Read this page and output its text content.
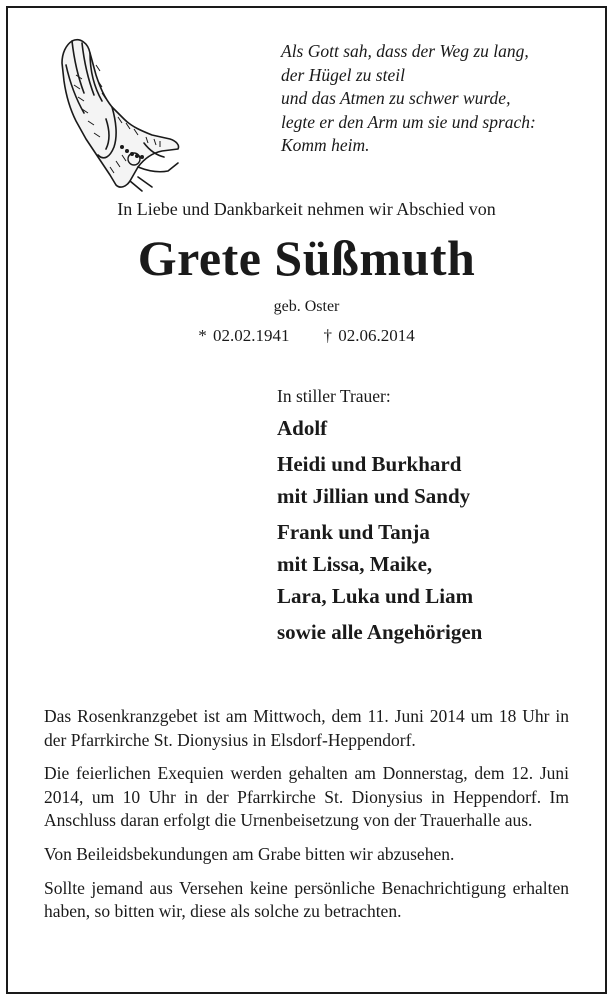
Als Gott sah, dass der Weg zu lang,
der Hügel zu steil
und das Atmen zu schwer wurde,
legte er den Arm um sie und sprach:
Komm heim.
In Liebe und Dankbarkeit nehmen wir Abschied von
Grete Süßmuth
geb. Oster
* 02.02.1941 † 02.06.2014
In stiller Trauer:
Adolf
Heidi und Burkhard
mit Jillian und Sandy
Frank und Tanja
mit Lissa, Maike,
Lara, Luka und Liam
sowie alle Angehörigen

Das Rosenkranzgebet ist am Mittwoch, dem 11. Juni 2014 um 18 Uhr in der Pfarrkirche St. Dionysius in Elsdorf-Heppendorf.

Die feierlichen Exequien werden gehalten am Donnerstag, dem 12. Juni 2014, um 10 Uhr in der Pfarrkirche St. Dionysius in Heppendorf. Im Anschluss daran erfolgt die Urnenbeisetzung von der Trauerhalle aus.

Von Beileidsbekundungen am Grabe bitten wir abzusehen.

Sollte jemand aus Versehen keine persönliche Benachrichtigung erhalten haben, so bitten wir, diese als solche zu betrachten.
